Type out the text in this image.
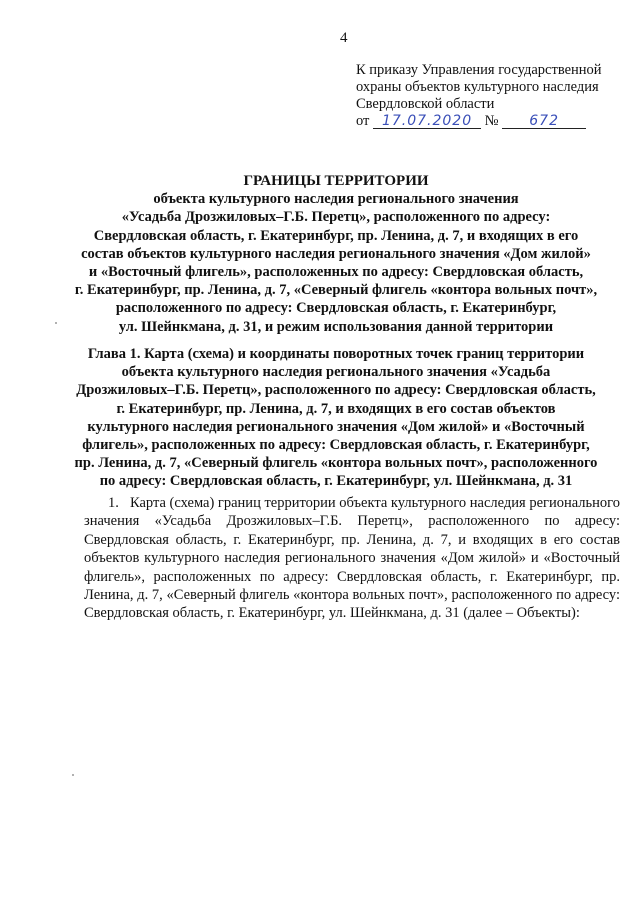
4
К приказу Управления государственной
охраны объектов культурного наследия
Свердловской области
от 17.07.2020 № 672
ГРАНИЦЫ ТЕРРИТОРИИ
объекта культурного наследия регионального значения
«Усадьба Дрозжиловых–Г.Б. Перетц», расположенного по адресу:
Свердловская область, г. Екатеринбург, пр. Ленина, д. 7, и входящих в его
состав объектов культурного наследия регионального значения «Дом жилой»
и «Восточный флигель», расположенных по адресу: Свердловская область,
г. Екатеринбург, пр. Ленина, д. 7, «Северный флигель «контора вольных почт»,
расположенного по адресу: Свердловская область, г. Екатеринбург,
ул. Шейнкмана, д. 31, и режим использования данной территории
Глава 1. Карта (схема) и координаты поворотных точек границ территории
объекта культурного наследия регионального значения «Усадьба
Дрозжиловых–Г.Б. Перетц», расположенного по адресу: Свердловская область,
г. Екатеринбург, пр. Ленина, д. 7, и входящих в его состав объектов
культурного наследия регионального значения «Дом жилой» и «Восточный
флигель», расположенных по адресу: Свердловская область, г. Екатеринбург,
пр. Ленина, д. 7, «Северный флигель «контора вольных почт», расположенного
по адресу: Свердловская область, г. Екатеринбург, ул. Шейнкмана, д. 31
1. Карта (схема) границ территории объекта культурного наследия регионального значения «Усадьба Дрозжиловых–Г.Б. Перетц», расположенного по адресу: Свердловская область, г. Екатеринбург, пр. Ленина, д. 7, и входящих в его состав объектов культурного наследия регионального значения «Дом жилой» и «Восточный флигель», расположенных по адресу: Свердловская область, г. Екатеринбург, пр. Ленина, д. 7, «Северный флигель «контора вольных почт», расположенного по адресу: Свердловская область, г. Екатеринбург, ул. Шейнкмана, д. 31 (далее – Объекты):
